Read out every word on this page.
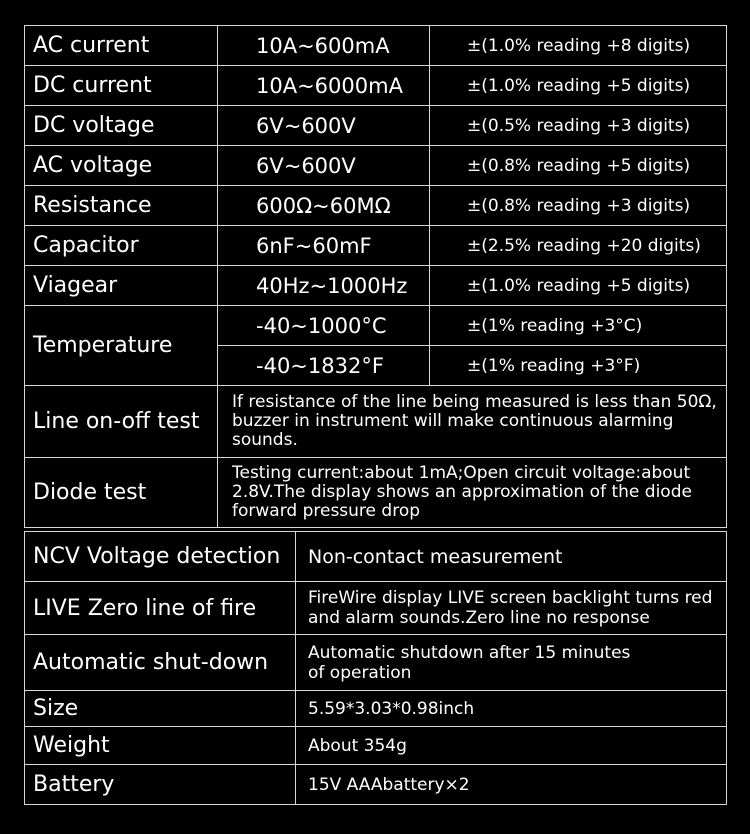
AC current	10A~600mA	±(1.0% reading +8 digits)
DC current	10A~6000mA	±(1.0% reading +5 digits)
DC voltage	6V~600V	±(0.5% reading +3 digits)
AC voltage	6V~600V	±(0.8% reading +5 digits)
Resistance	600Ω~60MΩ	±(0.8% reading +3 digits)
Capacitor	6nF~60mF	±(2.5% reading +20 digits)
Viagear	40Hz~1000Hz	±(1.0% reading +5 digits)
Temperature	-40~1000°C	±(1% reading +3°C)
	-40~1832°F	±(1% reading +3°F)
Line on-off test	If resistance of the line being measured is less than 50Ω, buzzer in instrument will make continuous alarming sounds.	
Diode test	Testing current:about 1mA;Open circuit voltage:about 2.8V.The display shows an approximation of the diode forward pressure drop	
NCV Voltage detection	Non-contact measurement
LIVE Zero line of fire	FireWire display LIVE screen backlight turns red and alarm sounds.Zero line no response
Automatic shut-down	Automatic shutdown after 15 minutes of operation
Size	5.59*3.03*0.98inch
Weight	About 354g
Battery	15V AAAbattery×2
